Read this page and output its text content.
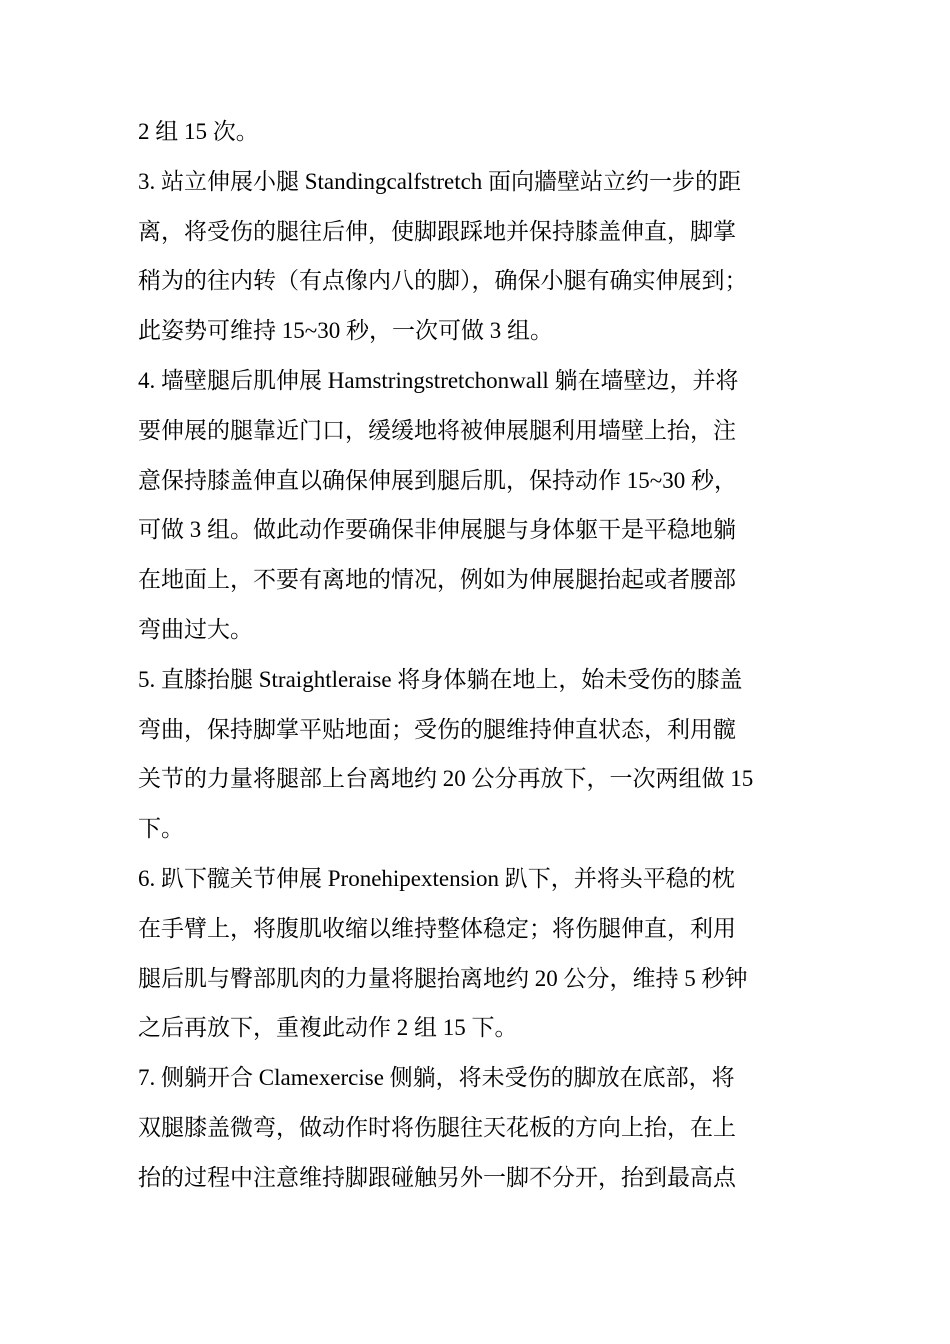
2 组 15 次。
3. 站立伸展小腿 Standingcalfstretch 面向牆壁站立约一步的距
离，将受伤的腿往后伸，使脚跟踩地并保持膝盖伸直，脚掌
稍为的往内转（有点像内八的脚），确保小腿有确实伸展到；
此姿势可维持 15~30 秒，一次可做 3 组。
4. 墙壁腿后肌伸展 Hamstringstretchonwall 躺在墙壁边，并将
要伸展的腿靠近门口，缓缓地将被伸展腿利用墙壁上抬，注
意保持膝盖伸直以确保伸展到腿后肌，保持动作 15~30 秒，
可做 3 组。做此动作要确保非伸展腿与身体躯干是平稳地躺
在地面上，不要有离地的情况，例如为伸展腿抬起或者腰部
弯曲过大。
5. 直膝抬腿 Straightleraise 将身体躺在地上，始未受伤的膝盖
弯曲，保持脚掌平贴地面；受伤的腿维持伸直状态，利用髋
关节的力量将腿部上台离地约 20 公分再放下，一次两组做 15
下。
6. 趴下髋关节伸展 Pronehipextension 趴下，并将头平稳的枕
在手臂上，将腹肌收缩以维持整体稳定；将伤腿伸直，利用
腿后肌与臀部肌肉的力量将腿抬离地约 20 公分，维持 5 秒钟
之后再放下，重複此动作 2 组 15 下。
7. 侧躺开合 Clamexercise 侧躺，将未受伤的脚放在底部，将
双腿膝盖微弯，做动作时将伤腿往天花板的方向上抬，在上
抬的过程中注意维持脚跟碰触另外一脚不分开，抬到最高点
